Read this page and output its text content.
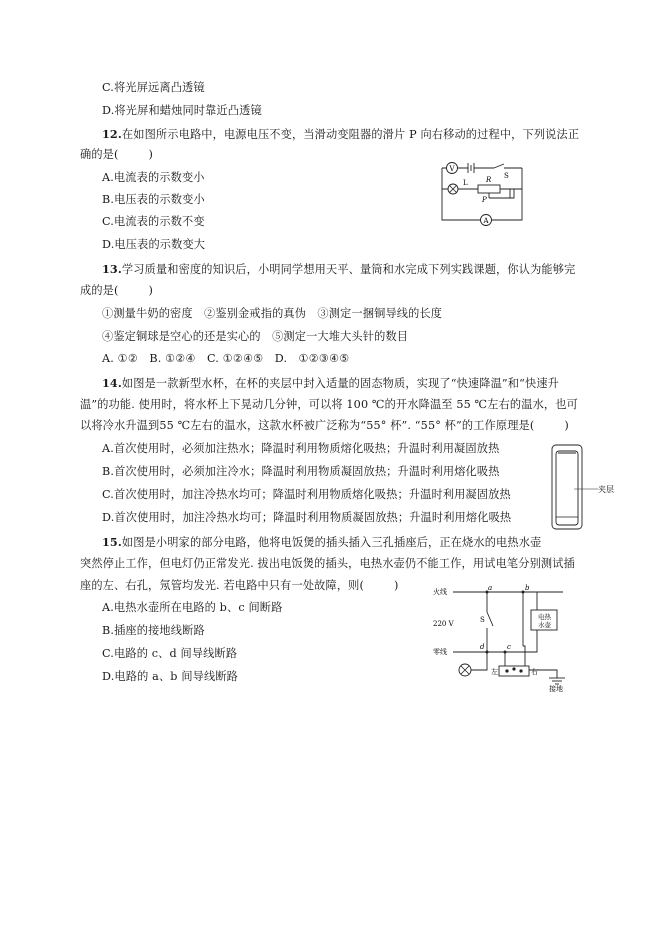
C.将光屏远离凸透镜
D.将光屏和蜡烛同时靠近凸透镜
12.在如图所示电路中，电源电压不变，当滑动变阻器的滑片 P 向右移动的过程中，下列说法正
确的是(	)
A.电流表的示数变小
B.电压表的示数变小
C.电流表的示数不变
D.电压表的示数变大
V
L
S
R
P
A
13.学习质量和密度的知识后，小明同学想用天平、量筒和水完成下列实践课题，你认为能够完
成的是(	)
①测量牛奶的密度　②鉴别金戒指的真伪　③测定一捆铜导线的长度
④鉴定铜球是空心的还是实心的　⑤测定一大堆大头针的数目
A. ①②　B. ①②④　C. ①②④⑤　D.　①②③④⑤
14.如图是一款新型水杯，在杯的夹层中封入适量的固态物质，实现了“快速降温”和“快速升
温”的功能. 使用时，将水杯上下晃动几分钟，可以将 100 ℃的开水降温至 55 ℃左右的温水，也可
以将冷水升温到55 ℃左右的温水，这款水杯被广泛称为“55° 杯”. “55° 杯”的工作原理是(	)
A.首次使用时，必须加注热水；降温时利用物质熔化吸热；升温时利用凝固放热
B.首次使用时，必须加注冷水；降温时利用物质凝固放热；升温时利用熔化吸热
C.首次使用时，加注冷热水均可；降温时利用物质熔化吸热；升温时利用凝固放热
D.首次使用时，加注冷热水均可；降温时利用物质凝固放热；升温时利用熔化吸热
夹层
15.如图是小明家的部分电路，他将电饭煲的插头插入三孔插座后，正在烧水的电热水壶
突然停止工作，但电灯仍正常发光. 拔出电饭煲的插头，电热水壶仍不能工作，用试电笔分别测试插
座的左、右孔，氖管均发光. 若电路中只有一处故障，则(	)
A.电热水壶所在电路的 b、c 间断路
B.插座的接地线断路
C.电路的 c、d 间导线断路
D.电路的 a、b 间导线断路
火线
零线
220 V	S
a	b
c
d
电热
水壶
左	右
接地
